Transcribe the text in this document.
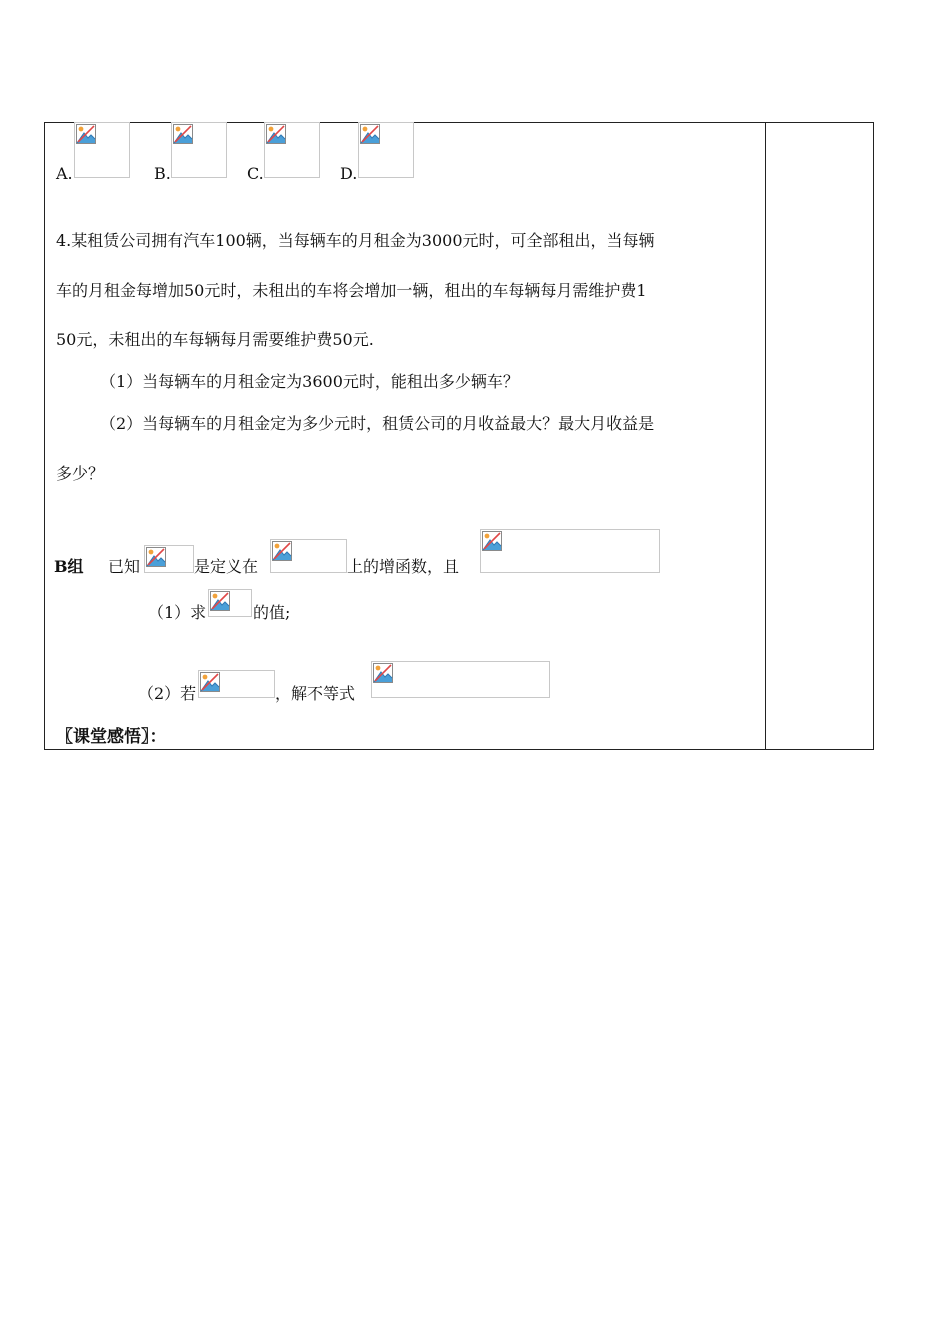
A.	B.	C.	D.
4.某租赁公司拥有汽车100辆，当每辆车的月租金为3000元时，可全部租出，当每辆
车的月租金每增加50元时，未租出的车将会增加一辆，租出的车每辆每月需维护费1
50元，未租出的车每辆每月需要维护费50元.
（1）当每辆车的月租金定为3600元时，能租出多少辆车？
（2）当每辆车的月租金定为多少元时，租赁公司的月收益最大？最大月收益是
多少？
B组 已知	是定义在	上的增函数，且
（1）求	的值;
（2）若	，解不等式
〖课堂感悟〗：
